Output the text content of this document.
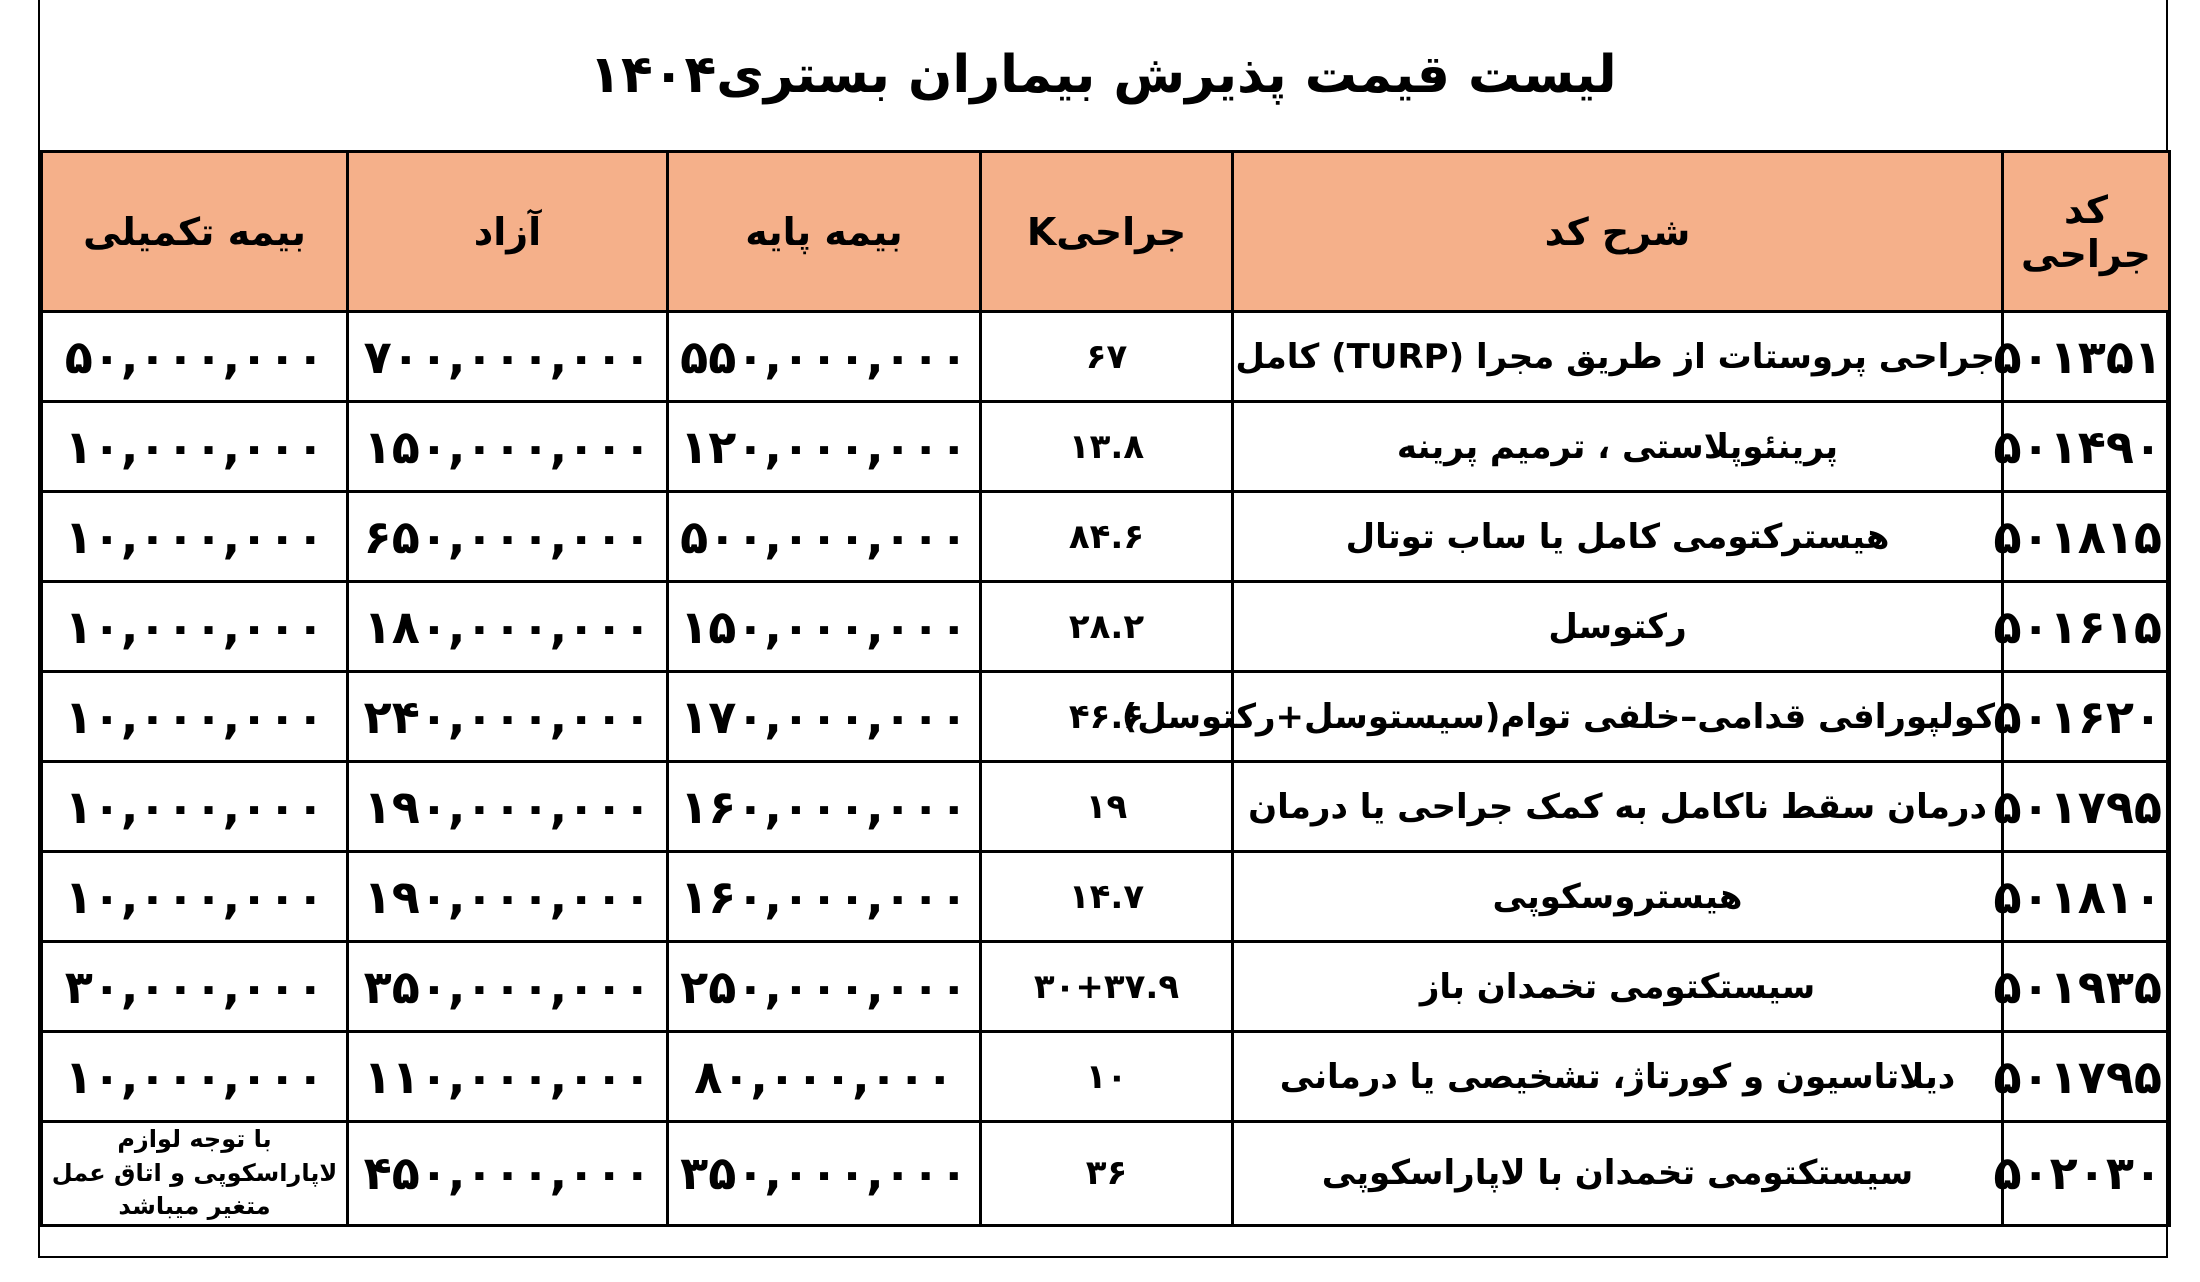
لیست قیمت پذیرش بیماران بستری۱۴۰۴
کد جراحی	شرح کد	جراحیK	بیمه پایه	آزاد	بیمه تکمیلی
۵۰۱۳۵۱	جراحی پروستات از طریق مجرا (TURP) کامل	۶۷	۵۵۰,۰۰۰,۰۰۰	۷۰۰,۰۰۰,۰۰۰	۵۰,۰۰۰,۰۰۰
۵۰۱۴۹۰	پرینئوپلاستی ، ترمیم پرینه	۱۳.۸	۱۲۰,۰۰۰,۰۰۰	۱۵۰,۰۰۰,۰۰۰	۱۰,۰۰۰,۰۰۰
۵۰۱۸۱۵	هیسترکتومی کامل یا ساب توتال	۸۴.۶	۵۰۰,۰۰۰,۰۰۰	۶۵۰,۰۰۰,۰۰۰	۱۰,۰۰۰,۰۰۰
۵۰۱۶۱۵	رکتوسل	۲۸.۲	۱۵۰,۰۰۰,۰۰۰	۱۸۰,۰۰۰,۰۰۰	۱۰,۰۰۰,۰۰۰
۵۰۱۶۲۰	کولپورافی قدامی–خلفی توام(سیستوسل+رکتوسل)	۴۶.۶	۱۷۰,۰۰۰,۰۰۰	۲۴۰,۰۰۰,۰۰۰	۱۰,۰۰۰,۰۰۰
۵۰۱۷۹۵	درمان سقط ناکامل به کمک جراحی یا درمان	۱۹	۱۶۰,۰۰۰,۰۰۰	۱۹۰,۰۰۰,۰۰۰	۱۰,۰۰۰,۰۰۰
۵۰۱۸۱۰	هیستروسکوپی	۱۴.۷	۱۶۰,۰۰۰,۰۰۰	۱۹۰,۰۰۰,۰۰۰	۱۰,۰۰۰,۰۰۰
۵۰۱۹۳۵	سیستکتومی تخمدان باز	۳۰+۳۷.۹	۲۵۰,۰۰۰,۰۰۰	۳۵۰,۰۰۰,۰۰۰	۳۰,۰۰۰,۰۰۰
۵۰۱۷۹۵	دیلاتاسیون و کورتاژ، تشخیصی یا درمانی	۱۰	۸۰,۰۰۰,۰۰۰	۱۱۰,۰۰۰,۰۰۰	۱۰,۰۰۰,۰۰۰
۵۰۲۰۳۰	سیستکتومی تخمدان با لاپاراسکوپی	۳۶	۳۵۰,۰۰۰,۰۰۰	۴۵۰,۰۰۰,۰۰۰	با توجه لوازم لاپاراسکوپی و اتاق عمل متغیر میباشد
